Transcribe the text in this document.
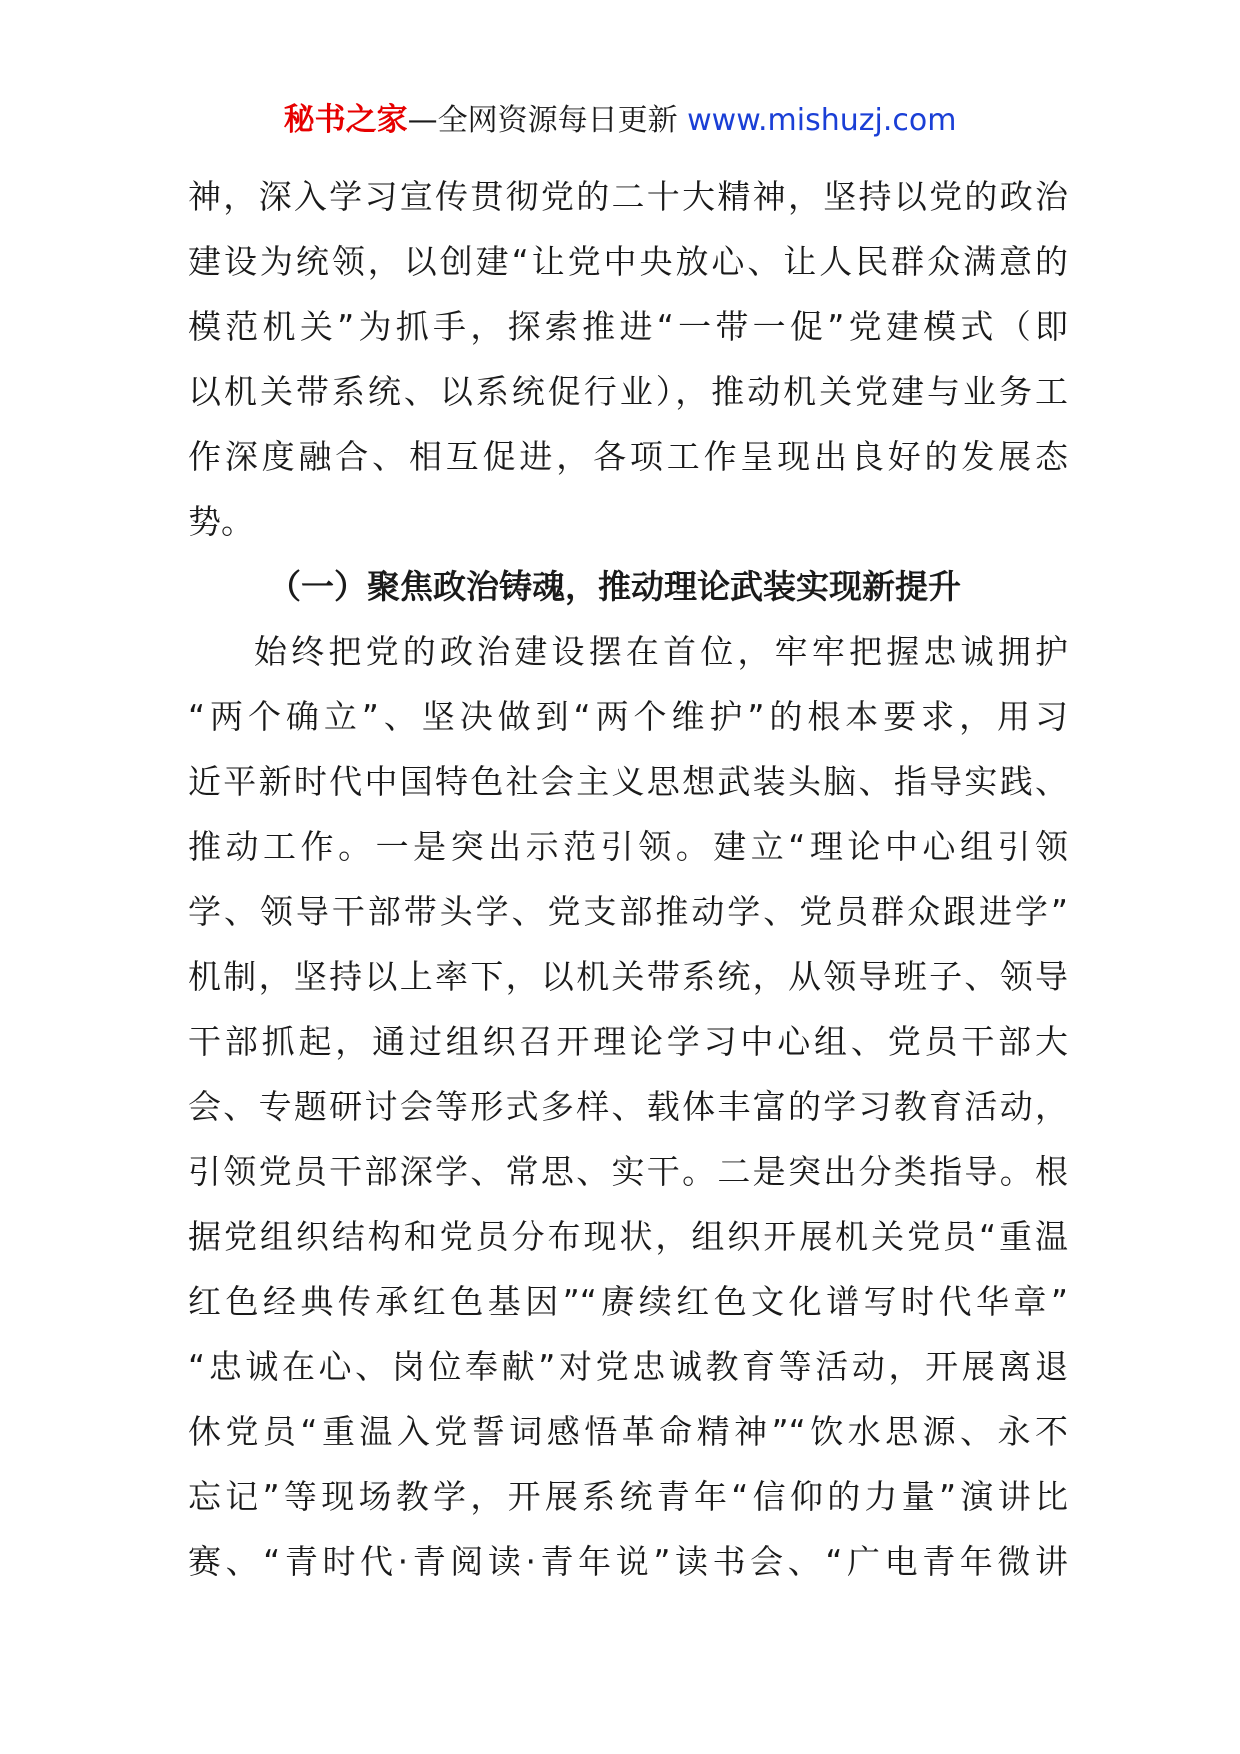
秘书之家—全网资源每日更新 www.mishuzj.com
神，深入学习宣传贯彻党的二十大精神，坚持以党的政治
建设为统领，以创建“让党中央放心、让人民群众满意的
模范机关”为抓手，探索推进“一带一促”党建模式（即
以机关带系统、以系统促行业），推动机关党建与业务工
作深度融合、相互促进，各项工作呈现出良好的发展态
势。
（一）聚焦政治铸魂，推动理论武装实现新提升
始终把党的政治建设摆在首位，牢牢把握忠诚拥护
“两个确立”、坚决做到“两个维护”的根本要求，用习
近平新时代中国特色社会主义思想武装头脑、指导实践、
推动工作。一是突出示范引领。建立“理论中心组引领
学、领导干部带头学、党支部推动学、党员群众跟进学”
机制，坚持以上率下，以机关带系统，从领导班子、领导
干部抓起，通过组织召开理论学习中心组、党员干部大
会、专题研讨会等形式多样、载体丰富的学习教育活动，
引领党员干部深学、常思、实干。二是突出分类指导。根
据党组织结构和党员分布现状，组织开展机关党员“重温
红色经典传承红色基因”“赓续红色文化谱写时代华章”
“忠诚在心、岗位奉献”对党忠诚教育等活动，开展离退
休党员“重温入党誓词感悟革命精神”“饮水思源、永不
忘记”等现场教学，开展系统青年“信仰的力量”演讲比
赛、“青时代·青阅读·青年说”读书会、“广电青年微讲
